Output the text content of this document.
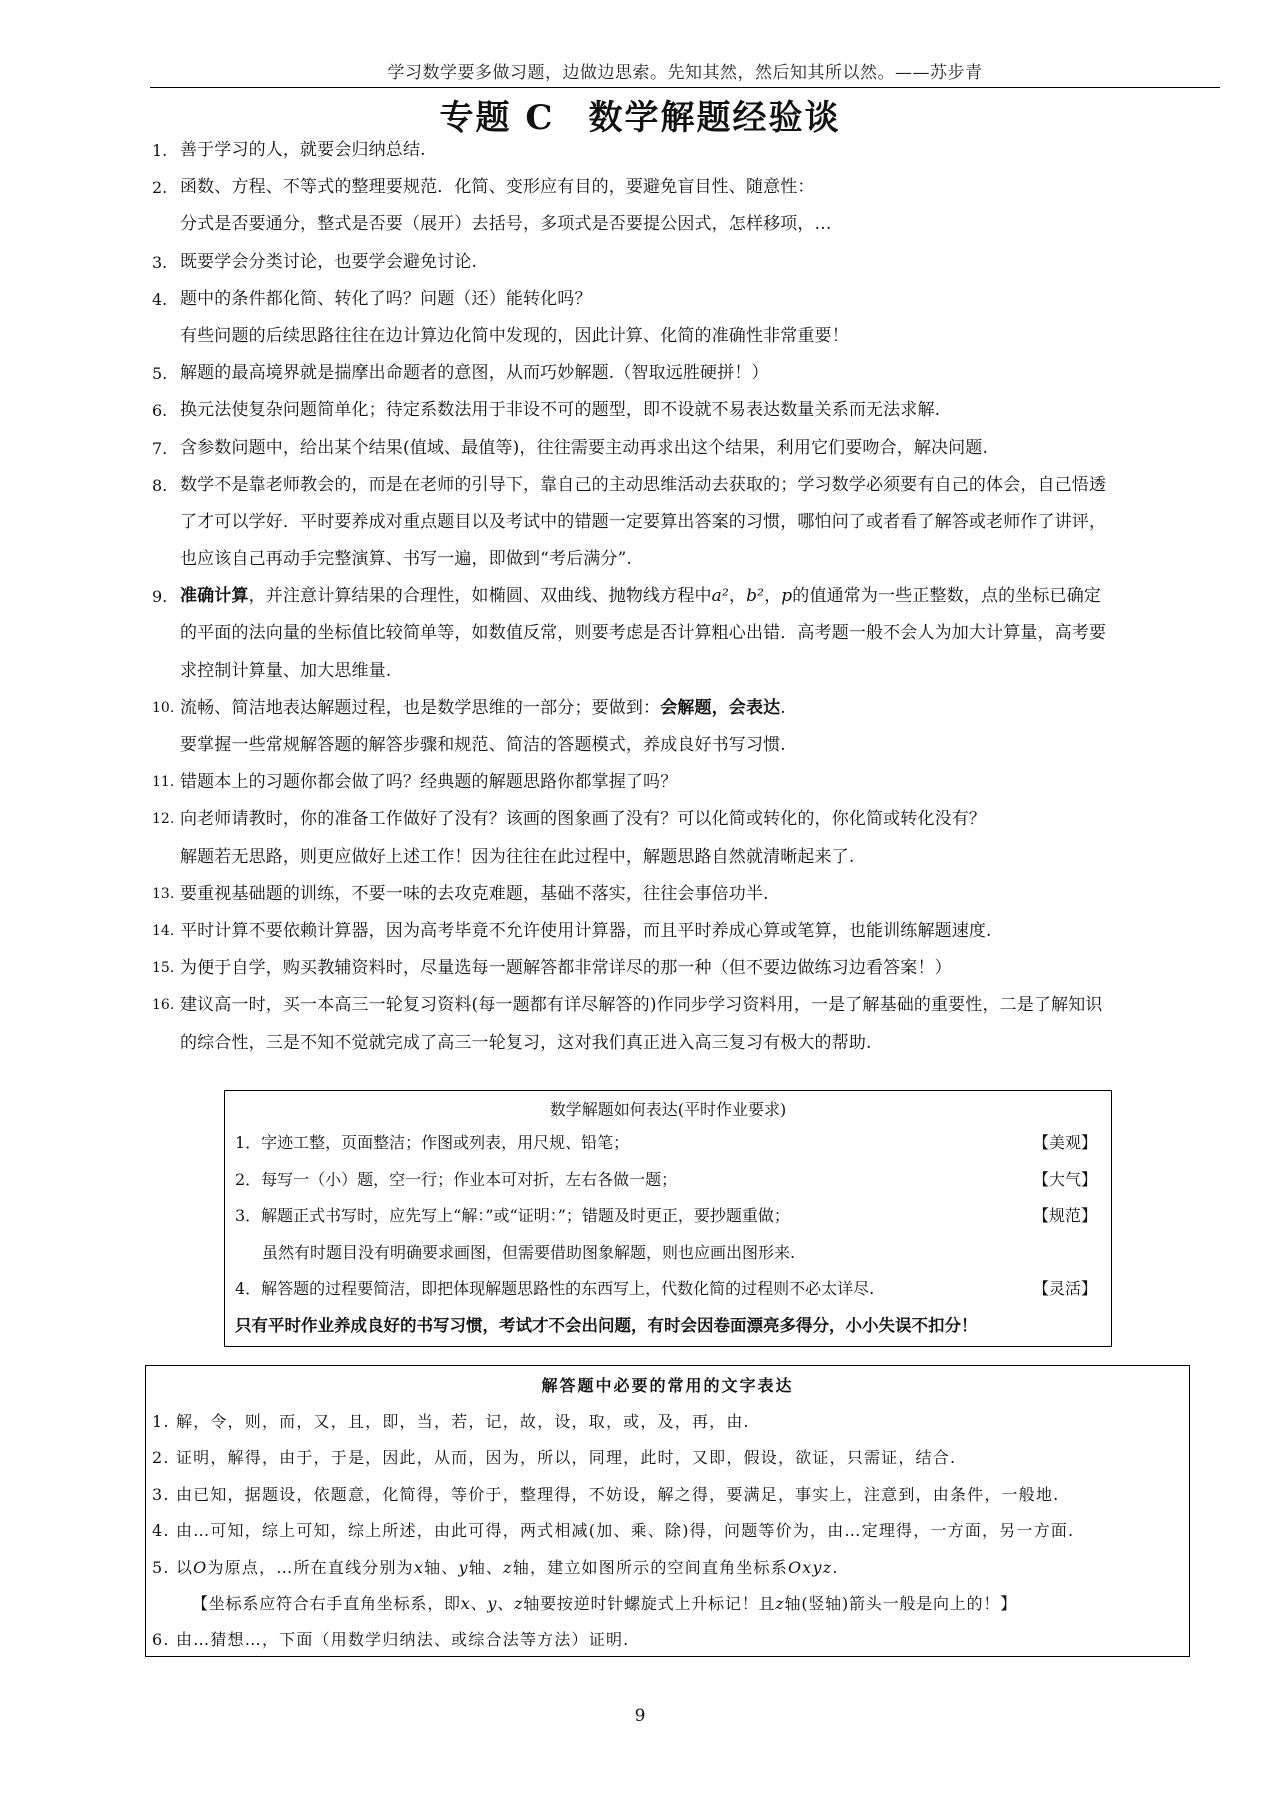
学习数学要多做习题，边做边思索。先知其然，然后知其所以然。——苏步青
专题 C 数学解题经验谈
1. 善于学习的人，就要会归纳总结.

2. 函数、方程、不等式的整理要规范．化简、变形应有目的，要避免盲目性、随意性：

分式是否要通分，整式是否要（展开）去括号，多项式是否要提公因式，怎样移项，…

3. 既要学会分类讨论，也要学会避免讨论.

4. 题中的条件都化简、转化了吗？问题（还）能转化吗？

有些问题的后续思路往往在边计算边化简中发现的，因此计算、化简的准确性非常重要！

5. 解题的最高境界就是揣摩出命题者的意图，从而巧妙解题.（智取远胜硬拼！）

6. 换元法使复杂问题简单化；待定系数法用于非设不可的题型，即不设就不易表达数量关系而无法求解.

7. 含参数问题中，给出某个结果(值域、最值等)，往往需要主动再求出这个结果，利用它们要吻合，解决问题.

8. 数学不是靠老师教会的，而是在老师的引导下，靠自己的主动思维活动去获取的；学习数学必须要有自己的体会，自己悟透

了才可以学好．平时要养成对重点题目以及考试中的错题一定要算出答案的习惯，哪怕问了或者看了解答或老师作了讲评，

也应该自己再动手完整演算、书写一遍，即做到“考后满分”.

9. 准确计算，并注意计算结果的合理性，如椭圆、双曲线、抛物线方程中a²，b²，p的值通常为一些正整数，点的坐标已确定

的平面的法向量的坐标值比较简单等，如数值反常，则要考虑是否计算粗心出错．高考题一般不会人为加大计算量，高考要

求控制计算量、加大思维量.

10. 流畅、简洁地表达解题过程，也是数学思维的一部分；要做到：会解题，会表达.

要掌握一些常规解答题的解答步骤和规范、简洁的答题模式，养成良好书写习惯.

11. 错题本上的习题你都会做了吗？经典题的解题思路你都掌握了吗？

12. 向老师请教时，你的准备工作做好了没有？该画的图象画了没有？可以化简或转化的，你化简或转化没有？

解题若无思路，则更应做好上述工作！因为往往在此过程中，解题思路自然就清晰起来了.

13. 要重视基础题的训练，不要一味的去攻克难题，基础不落实，往往会事倍功半.

14. 平时计算不要依赖计算器，因为高考毕竟不允许使用计算器，而且平时养成心算或笔算，也能训练解题速度.

15. 为便于自学，购买教辅资料时，尽量选每一题解答都非常详尽的那一种（但不要边做练习边看答案！）

16. 建议高一时，买一本高三一轮复习资料(每一题都有详尽解答的)作同步学习资料用，一是了解基础的重要性，二是了解知识

的综合性，三是不知不觉就完成了高三一轮复习，这对我们真正进入高三复习有极大的帮助.

数学解题如何表达(平时作业要求)
1．字迹工整，页面整洁；作图或列表，用尺规、铅笔；	【美观】
2．每写一（小）题，空一行；作业本可对折，左右各做一题；	【大气】
3．解题正式书写时，应先写上“解：”或“证明：”；错题及时更正，要抄题重做；	【规范】
虽然有时题目没有明确要求画图，但需要借助图象解题，则也应画出图形来.
4．解答题的过程要简洁，即把体现解题思路性的东西写上，代数化简的过程则不必太详尽.	【灵活】
只有平时作业养成良好的书写习惯，考试才不会出问题，有时会因卷面漂亮多得分，小小失误不扣分！
解答题中必要的常用的文字表达
1. 解，令，则，而，又，且，即，当，若，记，故，设，取，或，及，再，由.
2. 证明，解得，由于，于是，因此，从而，因为，所以，同理，此时，又即，假设，欲证，只需证，结合.
3. 由已知，据题设，依题意，化简得，等价于，整理得，不妨设，解之得，要满足，事实上，注意到，由条件，一般地.
4. 由…可知，综上可知，综上所述，由此可得，两式相减(加、乘、除)得，问题等价为，由…定理得，一方面，另一方面.
5. 以𝑂为原点，…所在直线分别为𝑥轴、𝑦轴、𝑧轴，建立如图所示的空间直角坐标系𝑂𝑥𝑦𝑧.
【坐标系应符合右手直角坐标系，即𝑥、𝑦、𝑧轴要按逆时针螺旋式上升标记！且𝑧轴(竖轴)箭头一般是向上的！】
6. 由…猜想…，下面（用数学归纳法、或综合法等方法）证明.
9
